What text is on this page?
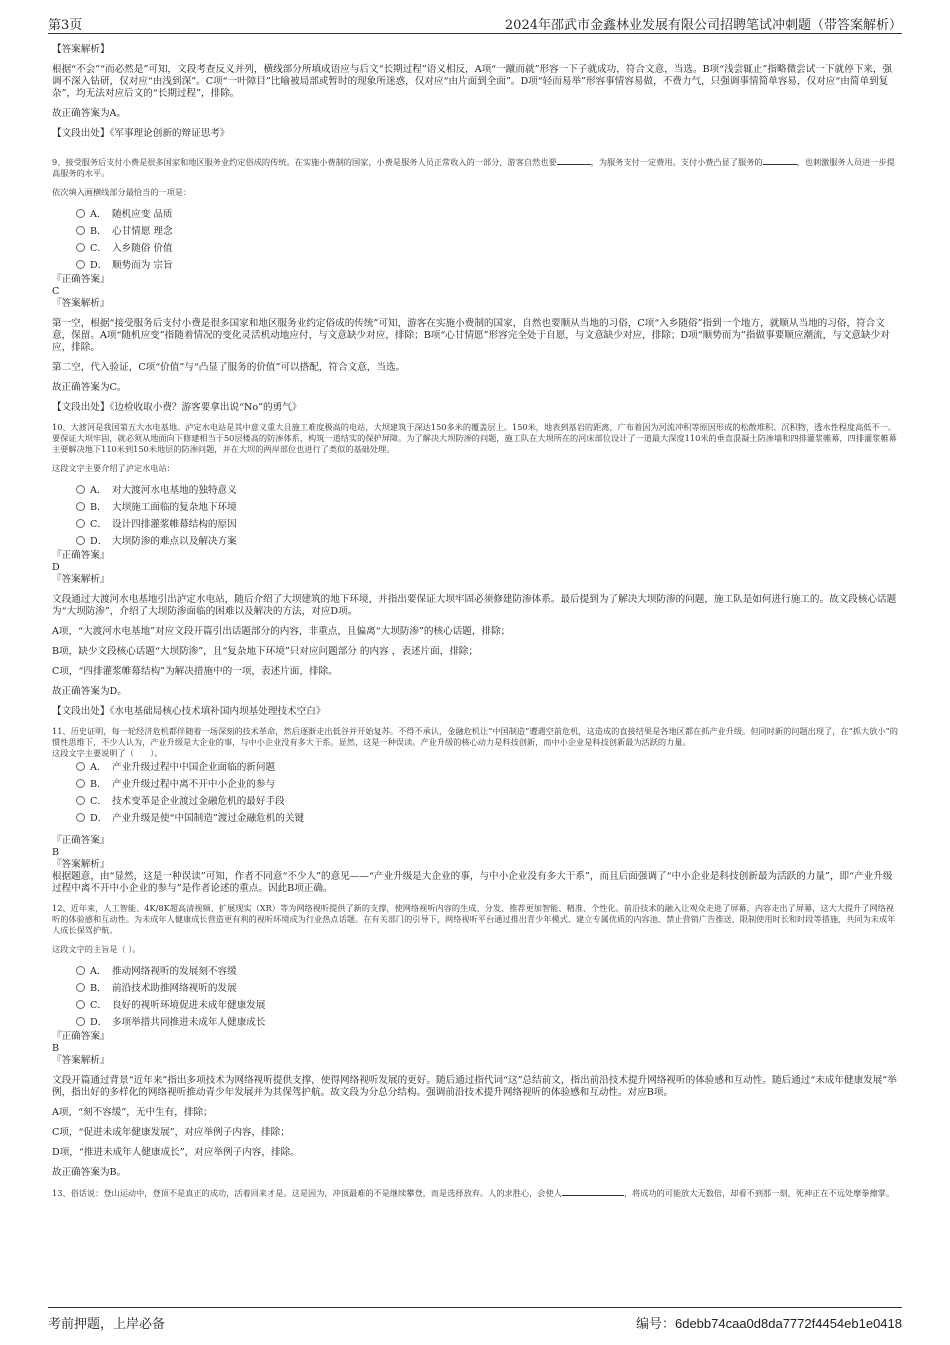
第3页	2024年邵武市金鑫林业发展有限公司招聘笔试冲刺题（带答案解析）

【答案解析】

根据“不会”“而必然是”可知，文段考查反义并列，横线部分所填成语应与后文“长期过程”语义相反，A项“一蹴而就”形容一下子就成功，符合文意，当选。B项“浅尝辄止”指略微尝试一下就停下来，强调不深入钻研，仅对应“由浅到深”。C项“一叶障目”比喻被局部或暂时的现象所迷惑，仅对应“由片面到全面”。D项“轻而易举”形容事情容易做，不费力气，只强调事情简单容易，仅对应“由简单到复杂”，均无法对应后文的“长期过程”，排除。

故正确答案为A。

【文段出处】《军事理论创新的辩证思考》

9、接受服务后支付小费是很多国家和地区服务业约定俗成的传统。在实施小费制的国家，小费是服务人员正常收入的一部分，游客自然也要	，为服务支付一定费用。支付小费凸显了服务的	，也刺激服务人员进一步提高服务的水平。

依次填入画横线部分最恰当的一项是：

A． 随机应变 品质
B． 心甘情愿 理念
C． 入乡随俗 价值
D． 顺势而为 宗旨

『正确答案』

C

『答案解析』

第一空，根据“接受服务后支付小费是很多国家和地区服务业约定俗成的传统”可知，游客在实施小费制的国家，自然也要顺从当地的习俗，C项“入乡随俗”指到一个地方，就顺从当地的习俗，符合文意，保留。A项“随机应变”指随着情况的变化灵活机动地应付，与文意缺少对应，排除；B项“心甘情愿”形容完全处于自愿，与文意缺少对应，排除；D项“顺势而为”指做事要顺应潮流，与文意缺少对应，排除。

第二空，代入验证，C项“价值”与“凸显了服务的价值”可以搭配，符合文意，当选。

故正确答案为C。

【文段出处】《边检收取小费？游客要拿出说“No”的勇气》

10、大渡河是我国第五大水电基地。泸定水电站是其中意义重大且施工难度极高的电站，大坝建筑于深达150多米的覆盖层上。150米，地表到基岩的距离，广布着因为河流冲积等原因形成的松散堆积、沉积物，透水性程度高低不一。要保证大坝牢固，就必须从地面向下修建相当于50层楼高的防渗体系，构筑一道结实的保护屏障。为了解决大坝防渗的问题，施工队在大坝所在的河床部位设计了一道最大深度110米的垂直混凝土防渗墙和四排灌浆帷幕，四排灌浆帷幕主要解决地下110米到150米地层的防渗问题，并在大坝的两岸部位也进行了类似的基础处理。

这段文字主要介绍了泸定水电站：

A． 对大渡河水电基地的独特意义
B． 大坝施工面临的复杂地下环境
C． 设计四排灌浆帷幕结构的原因
D． 大坝防渗的难点以及解决方案

『正确答案』

D

『答案解析』

文段通过大渡河水电基地引出泸定水电站，随后介绍了大坝建筑的地下环境，并指出要保证大坝牢固必须修建防渗体系。最后提到为了解决大坝防渗的问题，施工队是如何进行施工的。故文段核心话题为“大坝防渗”，介绍了大坝防渗面临的困难以及解决的方法，对应D项。

A项，“大渡河水电基地”对应文段开篇引出话题部分的内容，非重点，且偏离“大坝防渗”的核心话题，排除；

B项，缺少文段核心话题“大坝防渗”，且“复杂地下环境”只对应问题部分 的内容 ，表述片面，排除；

C项，“四排灌浆帷幕结构”为解决措施中的一项，表述片面，排除。

故正确答案为D。

【文段出处】《水电基础局核心技术填补国内坝基处理技术空白》

11、历史证明，每一轮经济危机都伴随着一场深刻的技术革命，然后逐渐走出低谷并开始复苏。不得不承认，金融危机让“中国制造”遭遇空前危机，这造成的直接结果是各地区都在抓产业升级。但同时新的问题出现了，在“抓大放小”的惯性思维下，不少人认为，产业升级是大企业的事，与中小企业没有多大干系。显然，这是一种误读。产业升级的核心动力是科技创新，而中小企业是科技创新最为活跃的力量。

这段文字主要说明了（　　）。

A． 产业升级过程中中国企业面临的新问题
B． 产业升级过程中离不开中小企业的参与
C． 技术变革是企业渡过金融危机的最好手段
D． 产业升级是使“中国制造”渡过金融危机的关键

『正确答案』

B

『答案解析』

根据题意，由“显然，这是一种误读”可知，作者不同意“不少人”的意见——“产业升级是大企业的事，与中小企业没有多大干系”，而且后面强调了“中小企业是科技创新最为活跃的力量”，即“产业升级过程中离不开中小企业的参与”是作者论述的重点。因此B项正确。

12、近年来，人工智能、4K/8K超高清视频、扩展现实（XR）等为网络视听提供了新的支撑，使网络视听内容的生成、分发、推荐更加智能、精准、个性化。前沿技术的融入让观众走进了屏幕，内容走出了屏幕，这大大提升了网络视听的体验感和互动性。为未成年人健康成长营造更有利的视听环境成为行业热点话题。在有关部门的引导下，网络视听平台通过推出青少年模式、建立专属优质的内容池、禁止营销广告推送、限制使用时长和时段等措施，共同为未成年人成长保驾护航。

这段文字的主旨是（ ）。

A． 推动网络视听的发展刻不容缓
B． 前沿技术助推网络视听的发展
C． 良好的视听环境促进未成年健康发展
D． 多项举措共同推进未成年人健康成长

『正确答案』

B

『答案解析』

文段开篇通过背景“近年来”指出多项技术为网络视听提供支撑，使得网络视听发展的更好。随后通过指代词“这”总结前文，指出前沿技术提升网络视听的体验感和互动性。随后通过“未成年健康发展”举例，指出好的多样化的网络视听推动青少年发展并为其保驾护航。故文段为分总分结构。强调前沿技术提升网络视听的体验感和互动性。对应B项。

A项，“刻不容缓”，无中生有，排除；

C项，“促进未成年健康发展”，对应举例子内容，排除；

D项，“推进未成年人健康成长”，对应举例子内容，排除。

故正确答案为B。

13、俗话说：登山运动中，登顶不是真正的成功，活着回来才是。这是因为，冲顶最难的不是继续攀登，而是选择放弃。人的求胜心，会使人	，将成功的可能放大无数倍，却看不到那一刻，死神正在不远处摩拳擦掌。

考前押题，上岸必备	编号：6debb74caa0d8da7772f4454eb1e0418
